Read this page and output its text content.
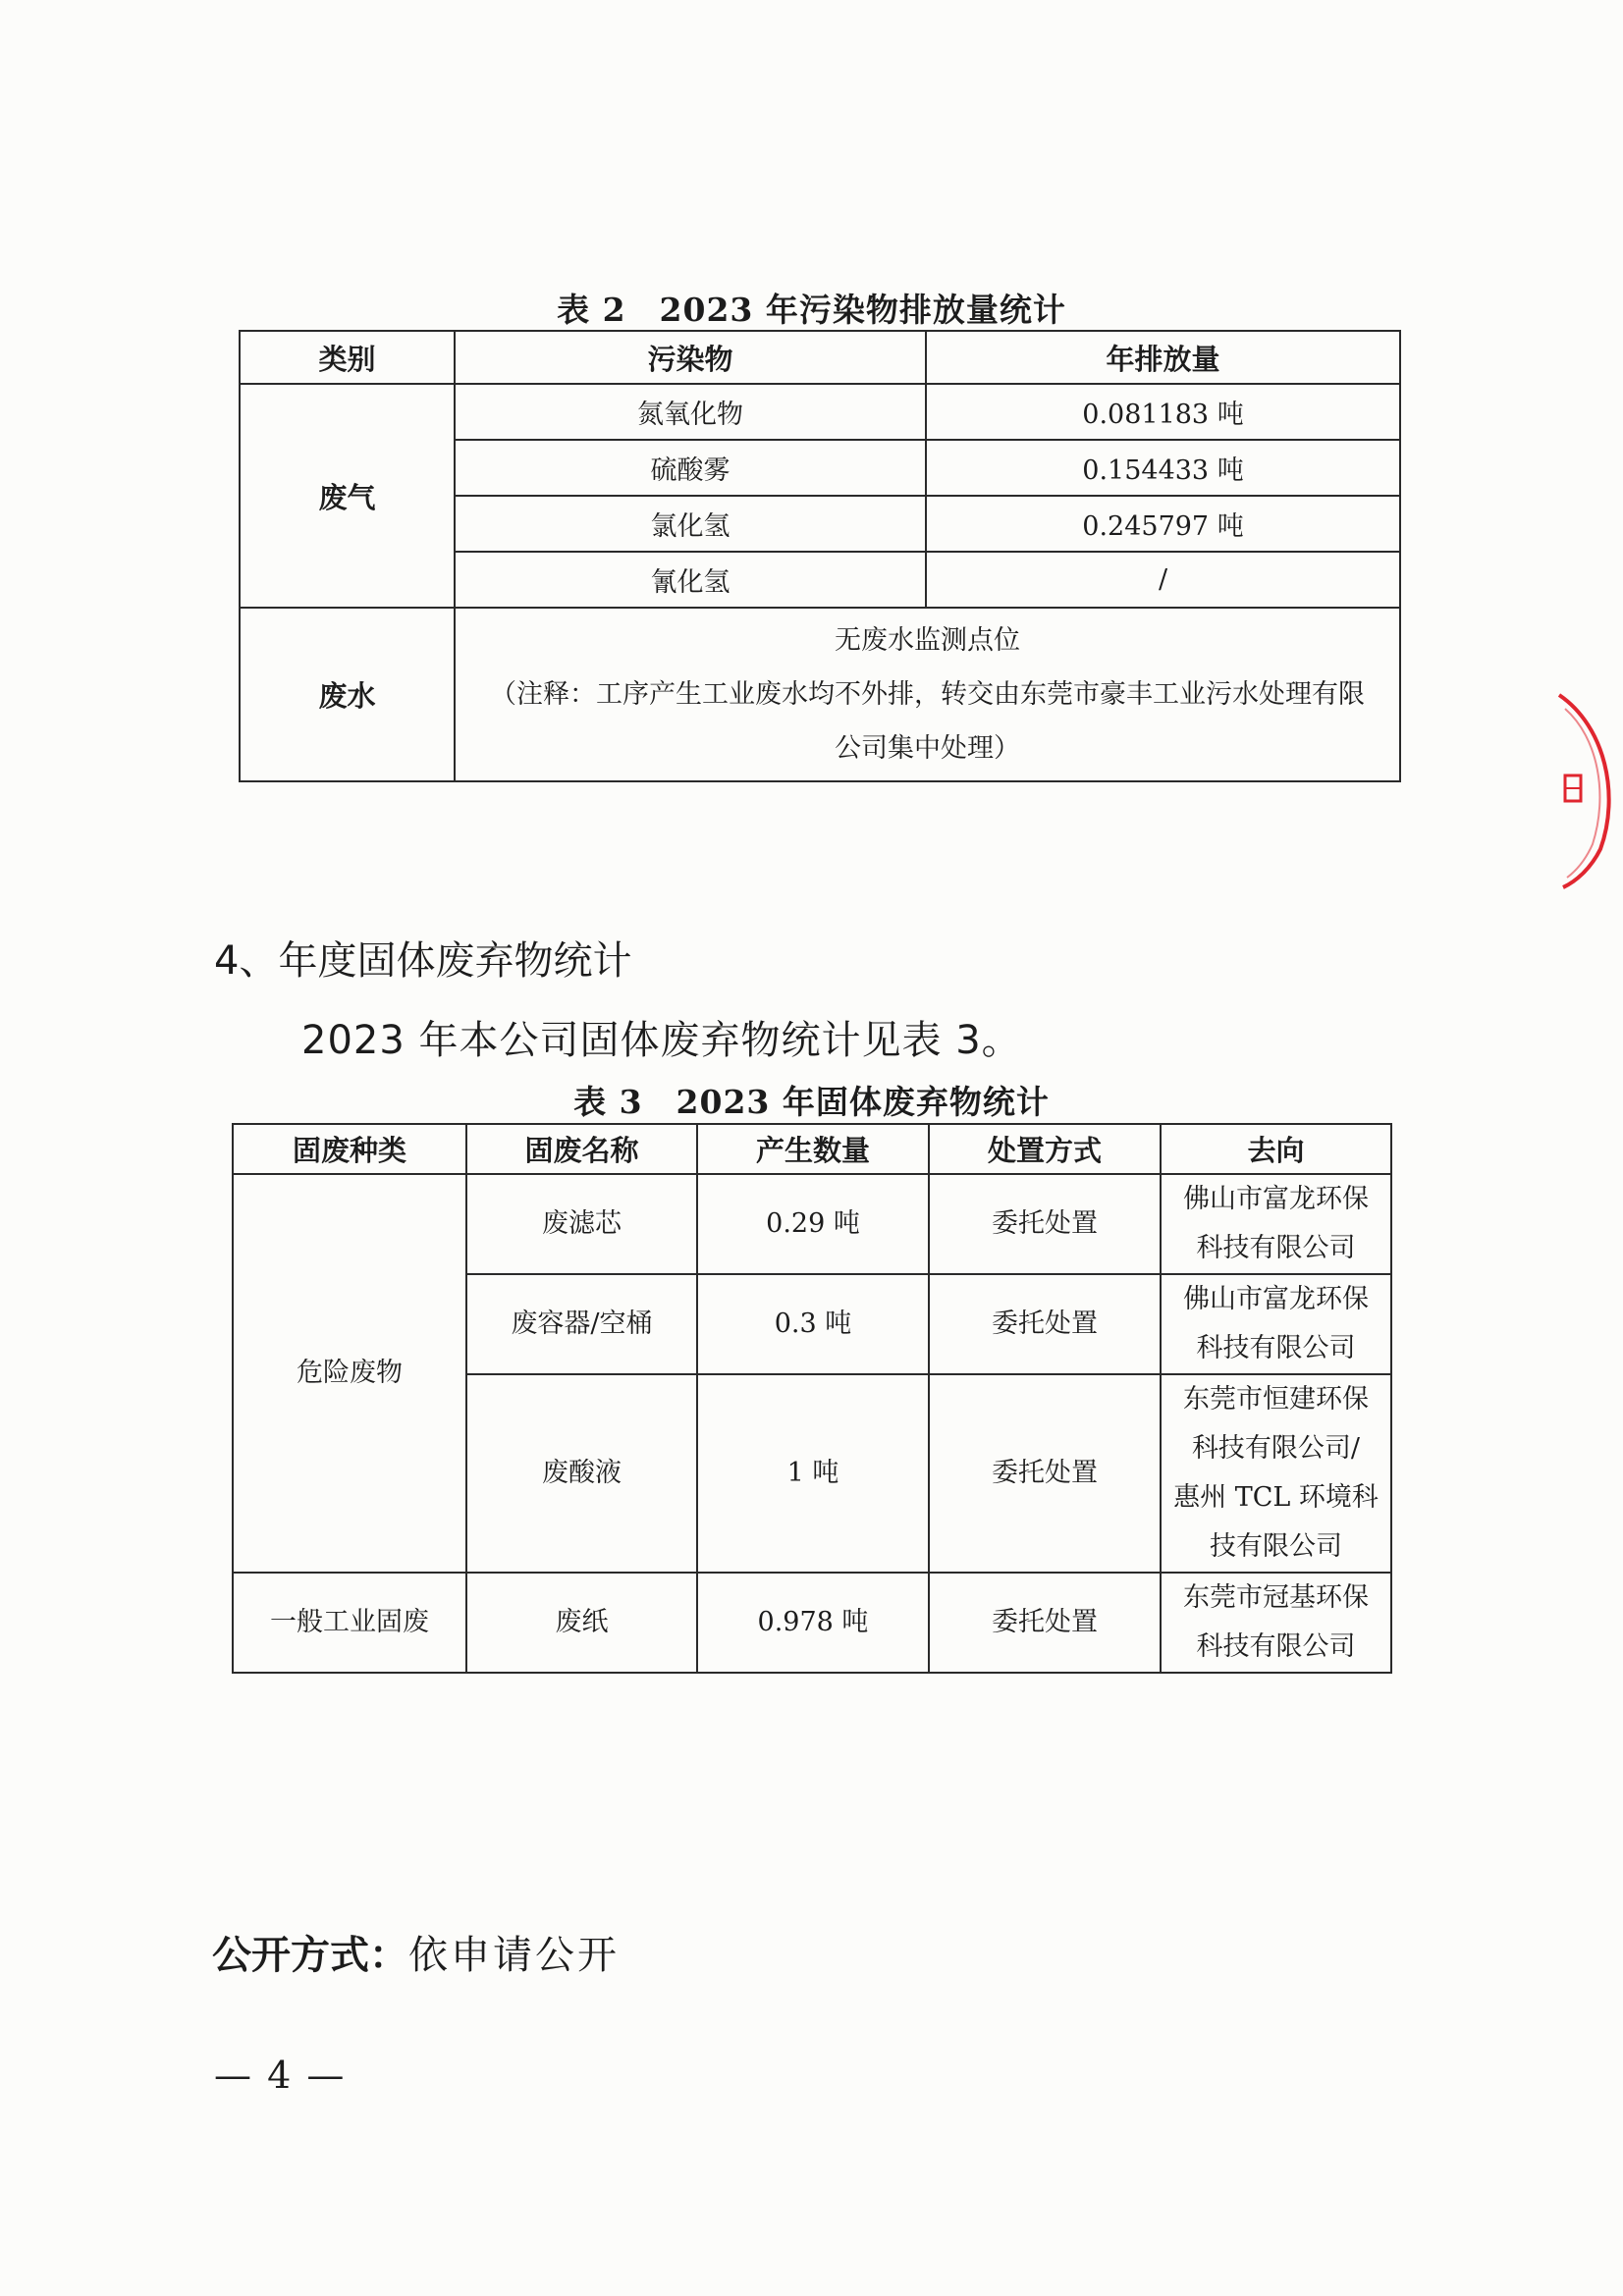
表 2　2023 年污染物排放量统计
类别	污染物	年排放量
废气	氮氧化物	0.081183 吨
	硫酸雾	0.154433 吨
	氯化氢	0.245797 吨
	氰化氢	/
废水	无废水监测点位
（注释：工序产生工业废水均不外排，转交由东莞市豪丰工业污水处理有限
公司集中处理）	
4、年度固体废弃物统计
2023 年本公司固体废弃物统计见表 3。
表 3　2023 年固体废弃物统计
固废种类	固废名称	产生数量	处置方式	去向
危险废物	废滤芯	0.29 吨	委托处置	佛山市富龙环保
科技有限公司

	废容器/空桶	0.3 吨	委托处置	佛山市富龙环保
科技有限公司

	废酸液	1 吨	委托处置	东莞市恒建环保
科技有限公司/
惠州 TCL 环境科
技有限公司

一般工业固废	废纸	0.978 吨	委托处置	东莞市冠基环保
科技有限公司
公开方式：依申请公开
— 4 —
